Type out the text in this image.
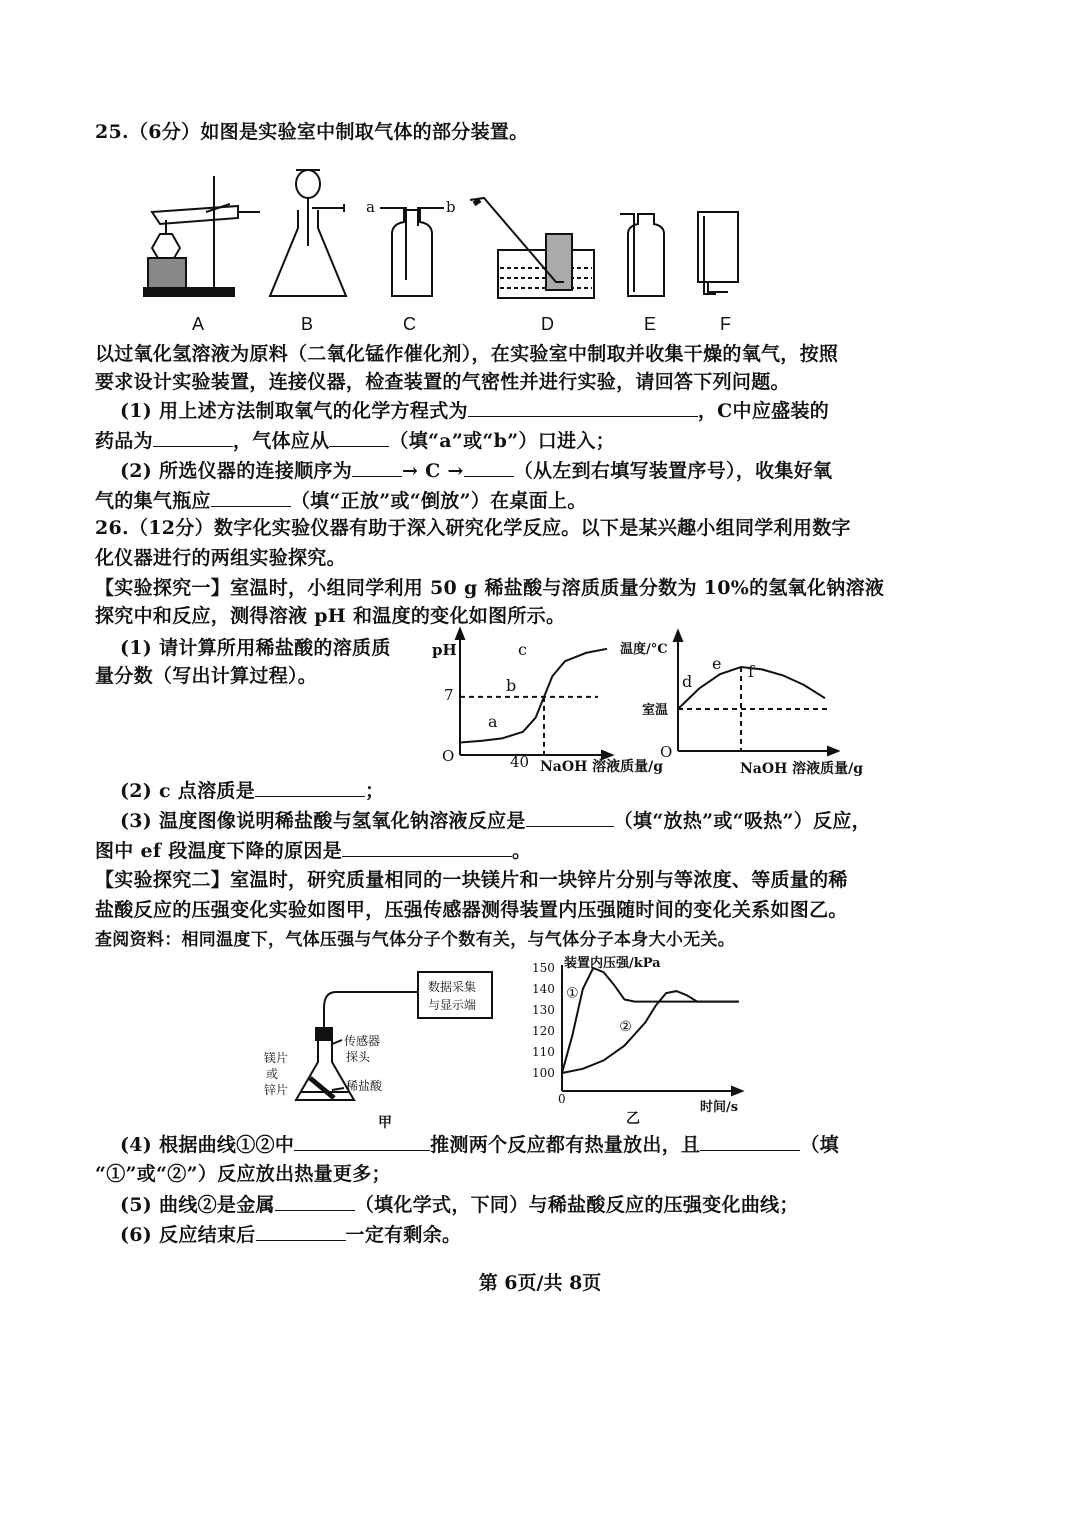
25.（6分）如图是实验室中制取气体的部分装置。
a	b
A	B	C	D	E	F
以过氧化氢溶液为原料（二氧化锰作催化剂），在实验室中制取并收集干燥的氧气，按照
要求设计实验装置，连接仪器，检查装置的气密性并进行实验，请回答下列问题。
(1) 用上述方法制取氧气的化学方程式为	，C中应盛装的
药品为	，气体应从	（填“a”或“b”）口进入；
(2) 所选仪器的连接顺序为	→ C →	（从左到右填写装置序号），收集好氧
气的集气瓶应	（填“正放”或“倒放”）在桌面上。
26.（12分）数字化实验仪器有助于深入研究化学反应。以下是某兴趣小组同学利用数字
化仪器进行的两组实验探究。
【实验探究一】室温时，小组同学利用 50 g 稀盐酸与溶质质量分数为 10%的氢氧化钠溶液
探究中和反应，测得溶液 pH 和温度的变化如图所示。
(1) 请计算所用稀盐酸的溶质质
量分数（写出计算过程）。
pH
O
7
40
a
b
c
NaOH 溶液质量/g
温度/°C
O
室温
d
e f
NaOH 溶液质量/g
(2) c 点溶质是	；
(3) 温度图像说明稀盐酸与氢氧化钠溶液反应是	（填“放热”或“吸热”）反应，
图中 ef 段温度下降的原因是	。
【实验探究二】室温时，研究质量相同的一块镁片和一块锌片分别与等浓度、等质量的稀
盐酸反应的压强变化实验如图甲，压强传感器测得装置内压强随时间的变化关系如图乙。
查阅资料：相同温度下，气体压强与气体分子个数有关，与气体分子本身大小无关。
数据采集
与显示端
传感器
探头
镁片
或
锌片	稀盐酸
甲
装置内压强/kPa
0
100
110
120
130
140
150
①
②
时间/s
乙
(4) 根据曲线①②中	推测两个反应都有热量放出，且	（填
“①”或“②”）反应放出热量更多；
(5) 曲线②是金属	（填化学式，下同）与稀盐酸反应的压强变化曲线；
(6) 反应结束后	一定有剩余。
第 6页/共 8页
